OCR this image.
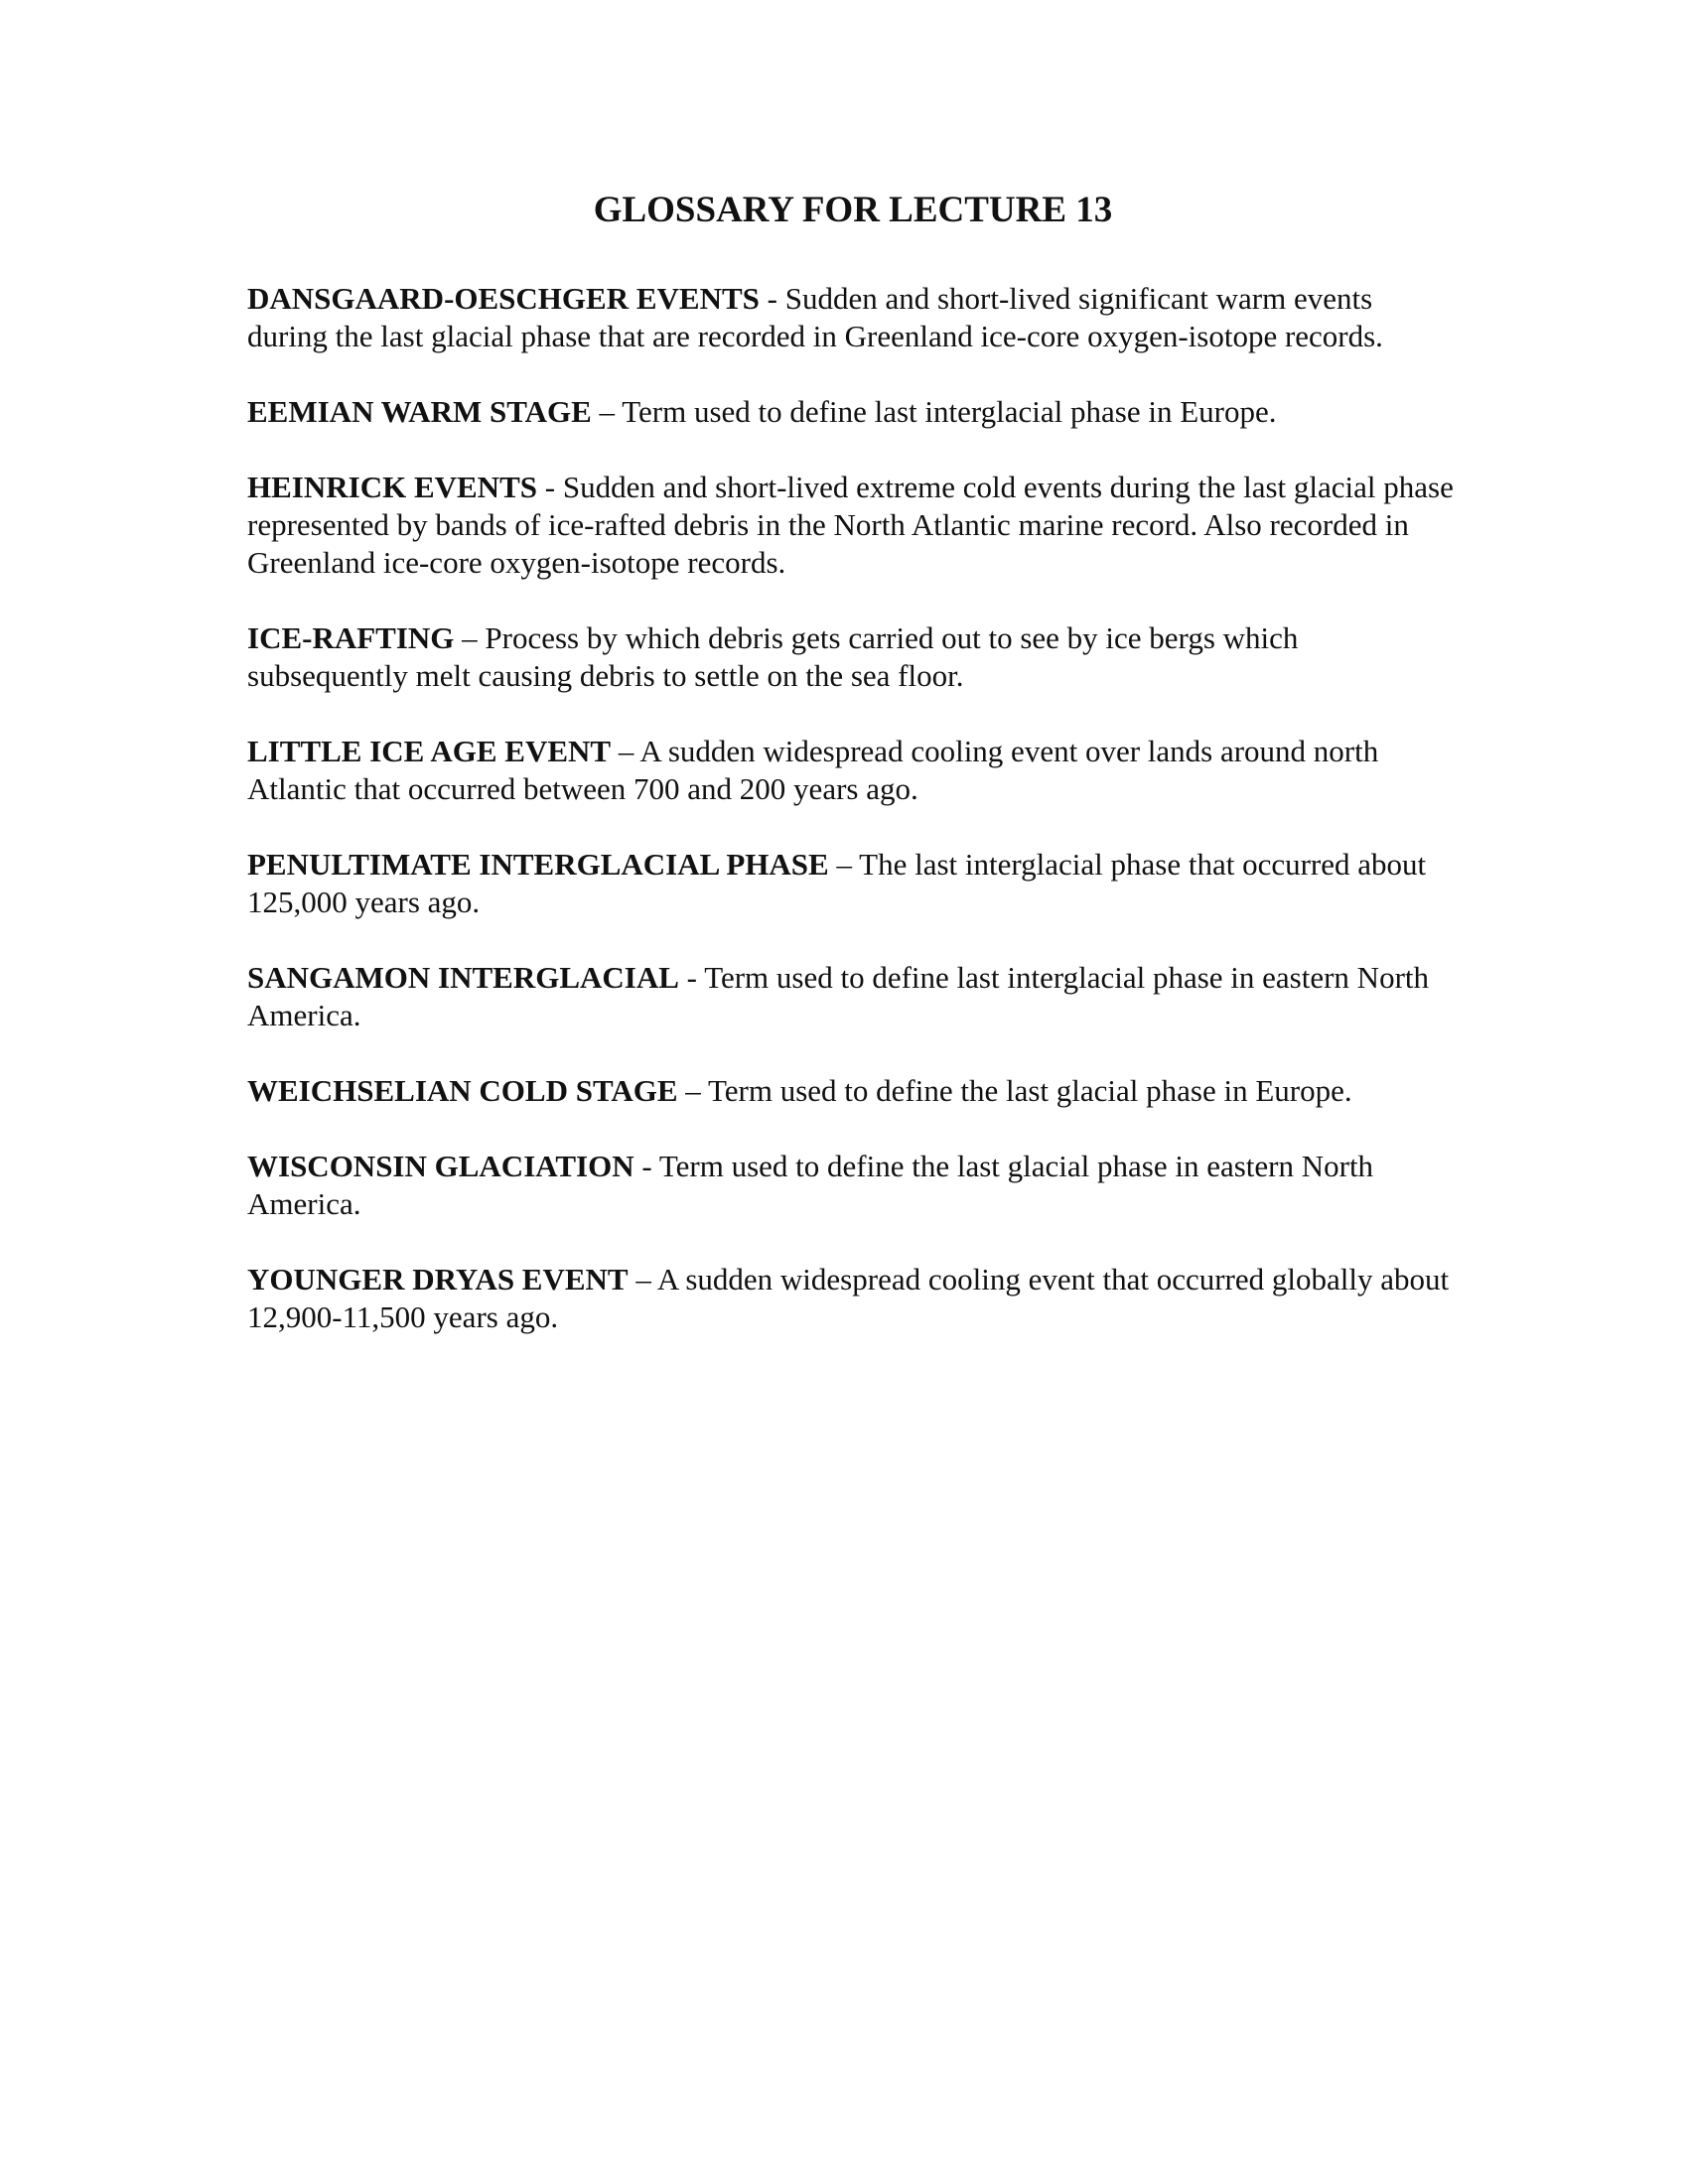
GLOSSARY FOR LECTURE 13

DANSGAARD-OESCHGER EVENTS - Sudden and short-lived significant warm events during the last glacial phase that are recorded in Greenland ice-core oxygen-isotope records.

EEMIAN WARM STAGE – Term used to define last interglacial phase in Europe.

HEINRICK EVENTS - Sudden and short-lived extreme cold events during the last glacial phase represented by bands of ice-rafted debris in the North Atlantic marine record. Also recorded in Greenland ice-core oxygen-isotope records.

ICE-RAFTING – Process by which debris gets carried out to see by ice bergs which subsequently melt causing debris to settle on the sea floor.

LITTLE ICE AGE EVENT – A sudden widespread cooling event over lands around north Atlantic that occurred between 700 and 200 years ago.

PENULTIMATE INTERGLACIAL PHASE – The last interglacial phase that occurred about 125,000 years ago.

SANGAMON INTERGLACIAL - Term used to define last interglacial phase in eastern North America.

WEICHSELIAN COLD STAGE – Term used to define the last glacial phase in Europe.

WISCONSIN GLACIATION - Term used to define the last glacial phase in eastern North America.

YOUNGER DRYAS EVENT – A sudden widespread cooling event that occurred globally about 12,900-11,500 years ago.
